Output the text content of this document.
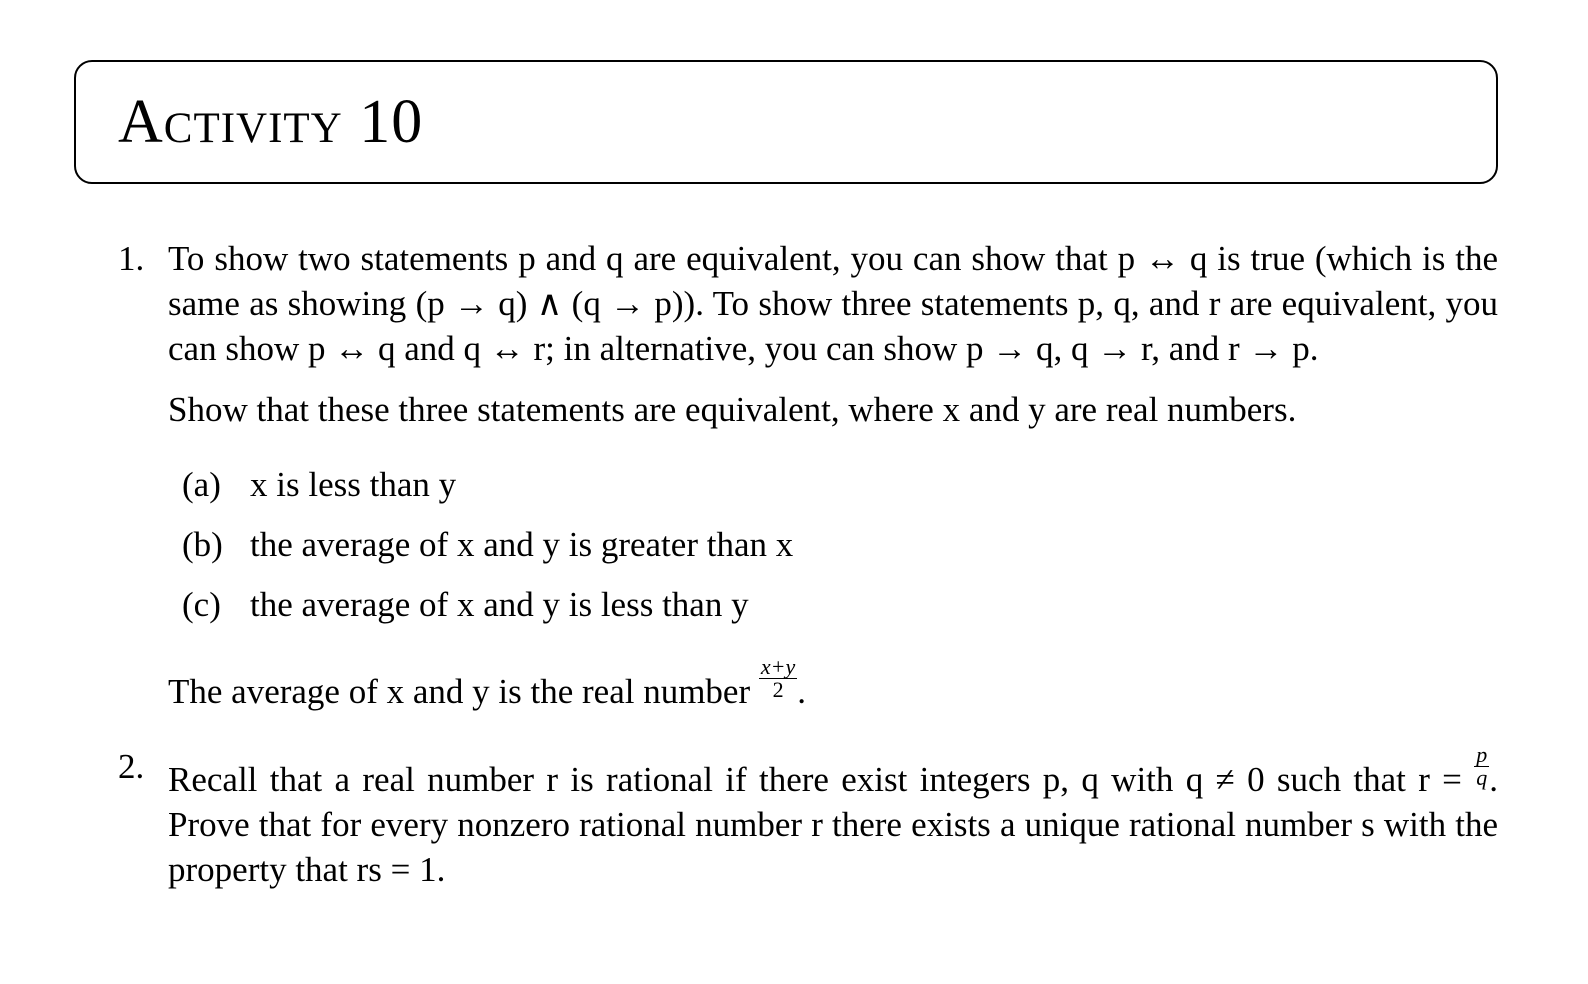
Activity 10
1. To show two statements p and q are equivalent, you can show that p ↔ q is true (which is the same as showing (p → q) ∧ (q → p)). To show three statements p, q, and r are equivalent, you can show p ↔ q and q ↔ r; in alternative, you can show p → q, q → r, and r → p.
Show that these three statements are equivalent, where x and y are real numbers.
(a) x is less than y
(b) the average of x and y is greater than x
(c) the average of x and y is less than y
The average of x and y is the real number $\frac{x+y}{2}$ .
2. Recall that a real number r is rational if there exist integers p, q with q ≠ 0 such that $r = \frac{p}{q}$ . Prove that for every nonzero rational number r there exists a unique rational number s with the property that rs = 1.
